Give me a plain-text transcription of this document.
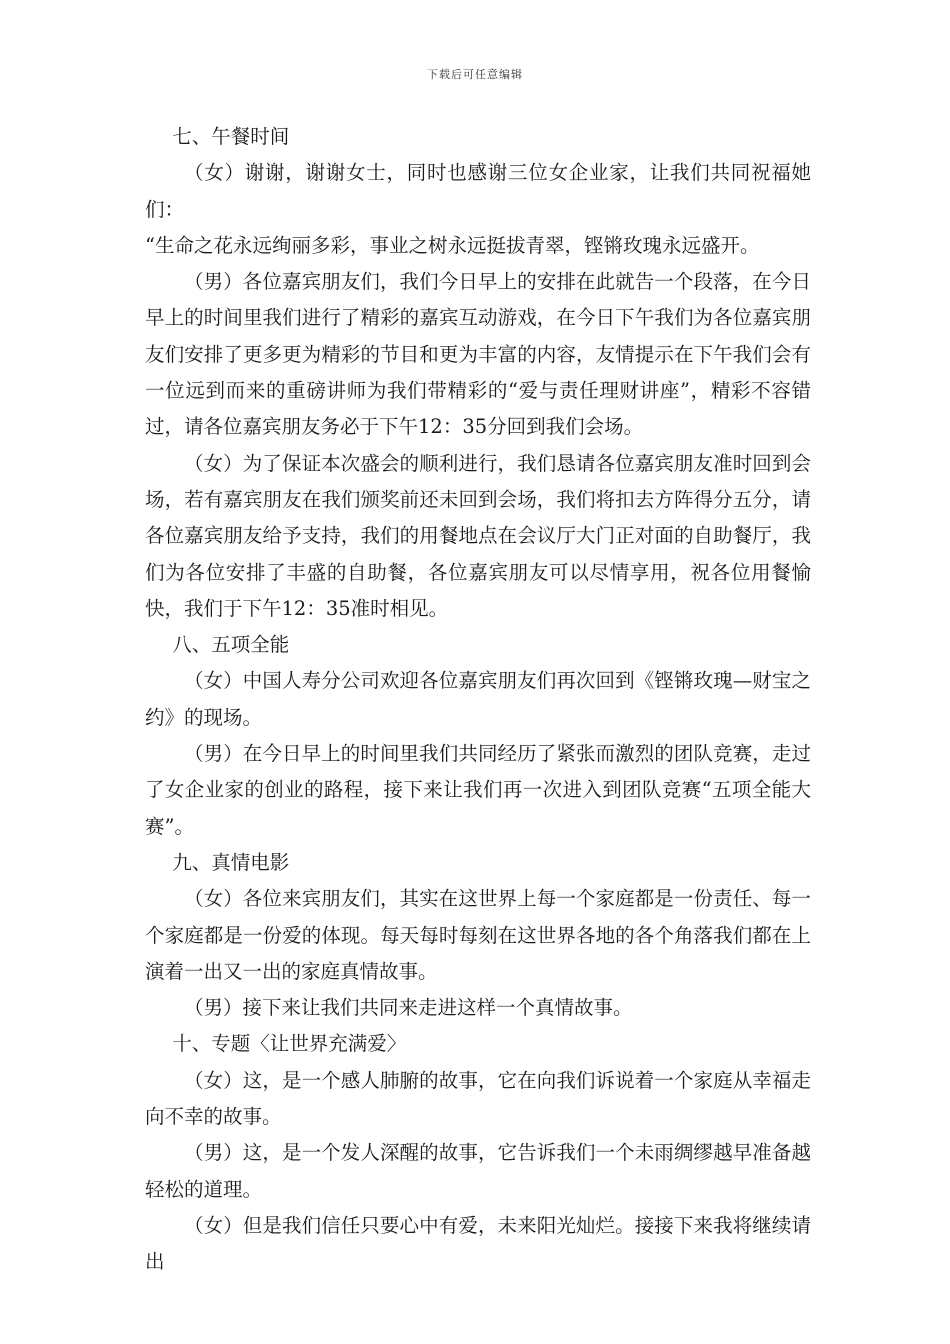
下载后可任意编辑

七、午餐时间

（女）谢谢，谢谢女士，同时也感谢三位女企业家，让我们共同祝福她们：

“生命之花永远绚丽多彩，事业之树永远挺拔青翠，铿锵玫瑰永远盛开。

（男）各位嘉宾朋友们，我们今日早上的安排在此就告一个段落，在今日早上的时间里我们进行了精彩的嘉宾互动游戏，在今日下午我们为各位嘉宾朋友们安排了更多更为精彩的节目和更为丰富的内容，友情提示在下午我们会有一位远到而来的重磅讲师为我们带精彩的“爱与责任理财讲座”，精彩不容错过，请各位嘉宾朋友务必于下午12：35分回到我们会场。

（女）为了保证本次盛会的顺利进行，我们恳请各位嘉宾朋友准时回到会场，若有嘉宾朋友在我们颁奖前还未回到会场，我们将扣去方阵得分五分，请各位嘉宾朋友给予支持，我们的用餐地点在会议厅大门正对面的自助餐厅，我们为各位安排了丰盛的自助餐，各位嘉宾朋友可以尽情享用，祝各位用餐愉快，我们于下午12：35准时相见。

八、五项全能

（女）中国人寿分公司欢迎各位嘉宾朋友们再次回到《铿锵玫瑰—财宝之约》的现场。

（男）在今日早上的时间里我们共同经历了紧张而激烈的团队竞赛，走过了女企业家的创业的路程，接下来让我们再一次进入到团队竞赛“五项全能大赛”。

九、真情电影

（女）各位来宾朋友们，其实在这世界上每一个家庭都是一份责任、每一个家庭都是一份爱的体现。每天每时每刻在这世界各地的各个角落我们都在上演着一出又一出的家庭真情故事。

（男）接下来让我们共同来走进这样一个真情故事。

十、专题〈让世界充满爱〉

（女）这，是一个感人肺腑的故事，它在向我们诉说着一个家庭从幸福走向不幸的故事。

（男）这，是一个发人深醒的故事，它告诉我们一个未雨绸缪越早准备越轻松的道理。

（女）但是我们信任只要心中有爱，未来阳光灿烂。接接下来我将继续请出
